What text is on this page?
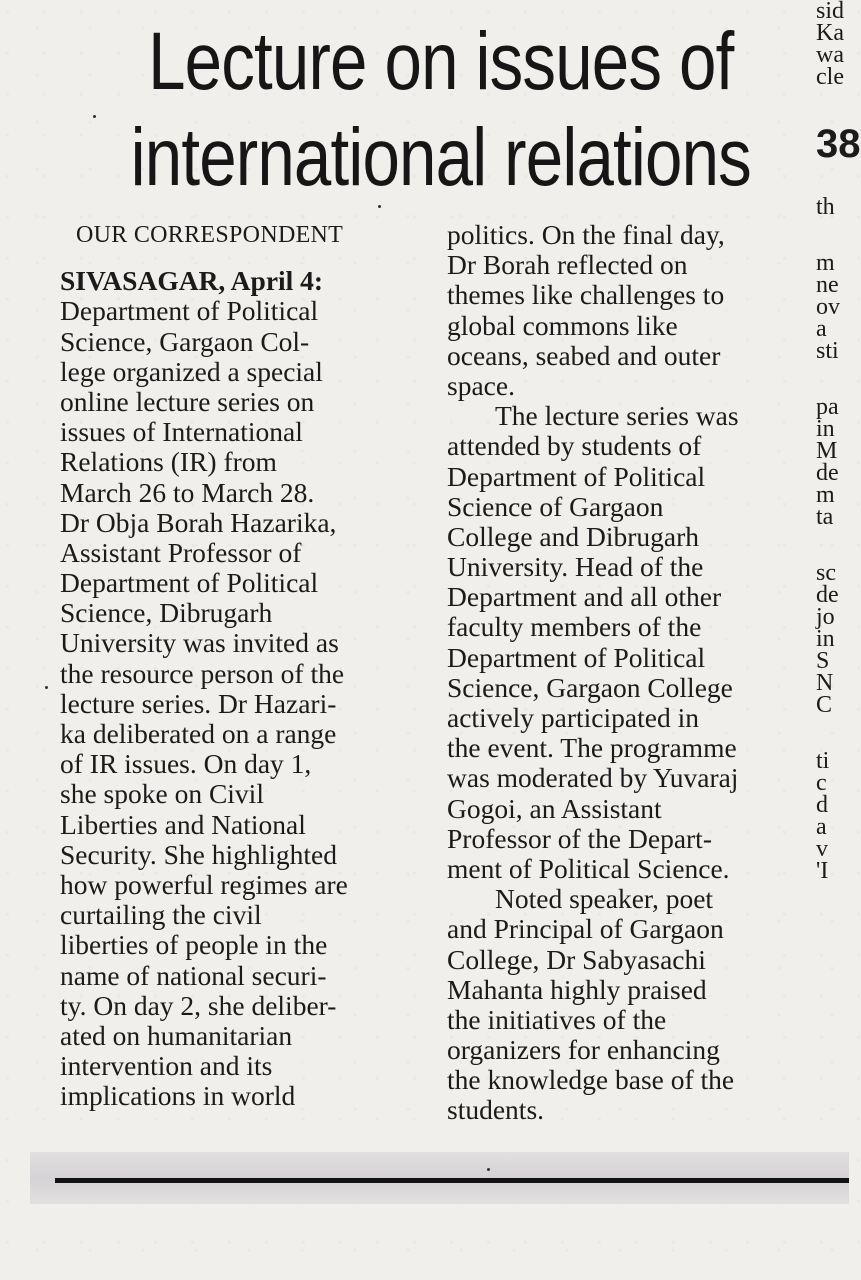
Lecture on issues of
international relations
OUR CORRESPONDENT
SIVASAGAR, April 4:
Department of Political
Science, Gargaon Col-
lege organized a special
online lecture series on
issues of International
Relations (IR) from
March 26 to March 28.
Dr Obja Borah Hazarika,
Assistant Professor of
Department of Political
Science, Dibrugarh
University was invited as
the resource person of the
lecture series. Dr Hazari-
ka deliberated on a range
of IR issues. On day 1,
she spoke on Civil
Liberties and National
Security. She highlighted
how powerful regimes are
curtailing the civil
liberties of people in the
name of national securi-
ty. On day 2, she deliber-
ated on humanitarian
intervention and its
implications in world
politics. On the final day,
Dr Borah reflected on
themes like challenges to
global commons like
oceans, seabed and outer
space.
The lecture series was
attended by students of
Department of Political
Science of Gargaon
College and Dibrugarh
University. Head of the
Department and all other
faculty members of the
Department of Political
Science, Gargaon College
actively participated in
the event. The programme
was moderated by Yuvaraj
Gogoi, an Assistant
Professor of the Depart-
ment of Political Science.
Noted speaker, poet
and Principal of Gargaon
College, Dr Sabyasachi
Mahanta highly praised
the initiatives of the
organizers for enhancing
the knowledge base of the
students.
sid
Ka
wa
cle
38
th
m
ne
ov
a
sti
pa
in
M
de
m
ta
sc
de
jo
in
S
N
C
ti
c
d
a
v
'I
